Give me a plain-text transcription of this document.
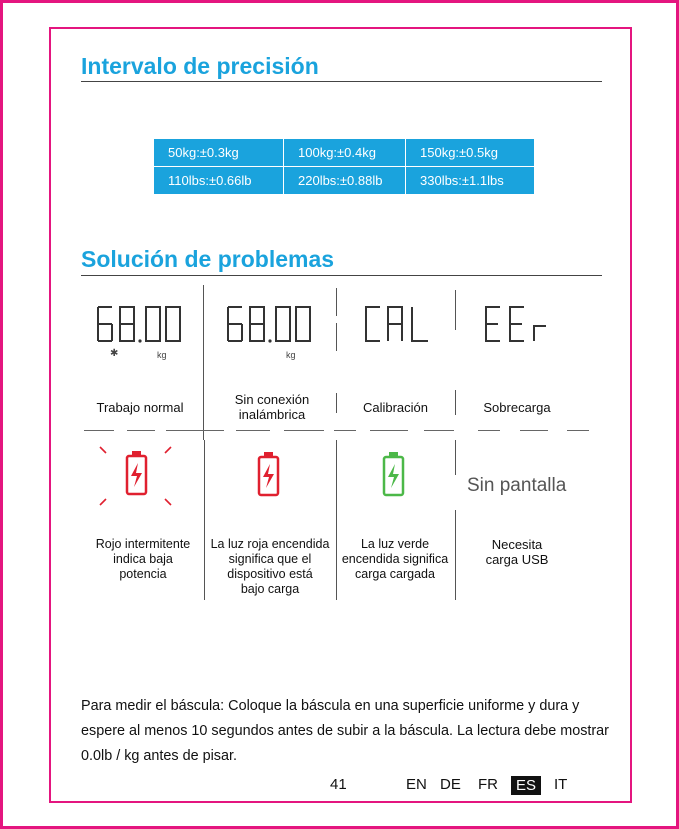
Intervalo de precisión
50kg:±0.3kg	100kg:±0.4kg	150kg:±0.5kg
110lbs:±0.66lb	220lbs:±0.88lb	330lbs:±1.1lbs
Solución de problemas
✱	kg	kg
Trabajo normal
Sin conexión
inalámbrica	Calibración	Sobrecarga
Sin pantalla
Rojo intermitente
indica baja
potencia
La luz roja encendida
significa que el
dispositivo está
bajo carga
La luz verde
encendida significa
carga cargada
Necesita
carga USB
Para medir el báscula: Coloque la báscula en una superficie uniforme y dura y espere al menos 10 segundos antes de subir a la báscula. La lectura debe mostrar 0.0lb / kg antes de pisar.
41	EN DE FR	ES	IT
